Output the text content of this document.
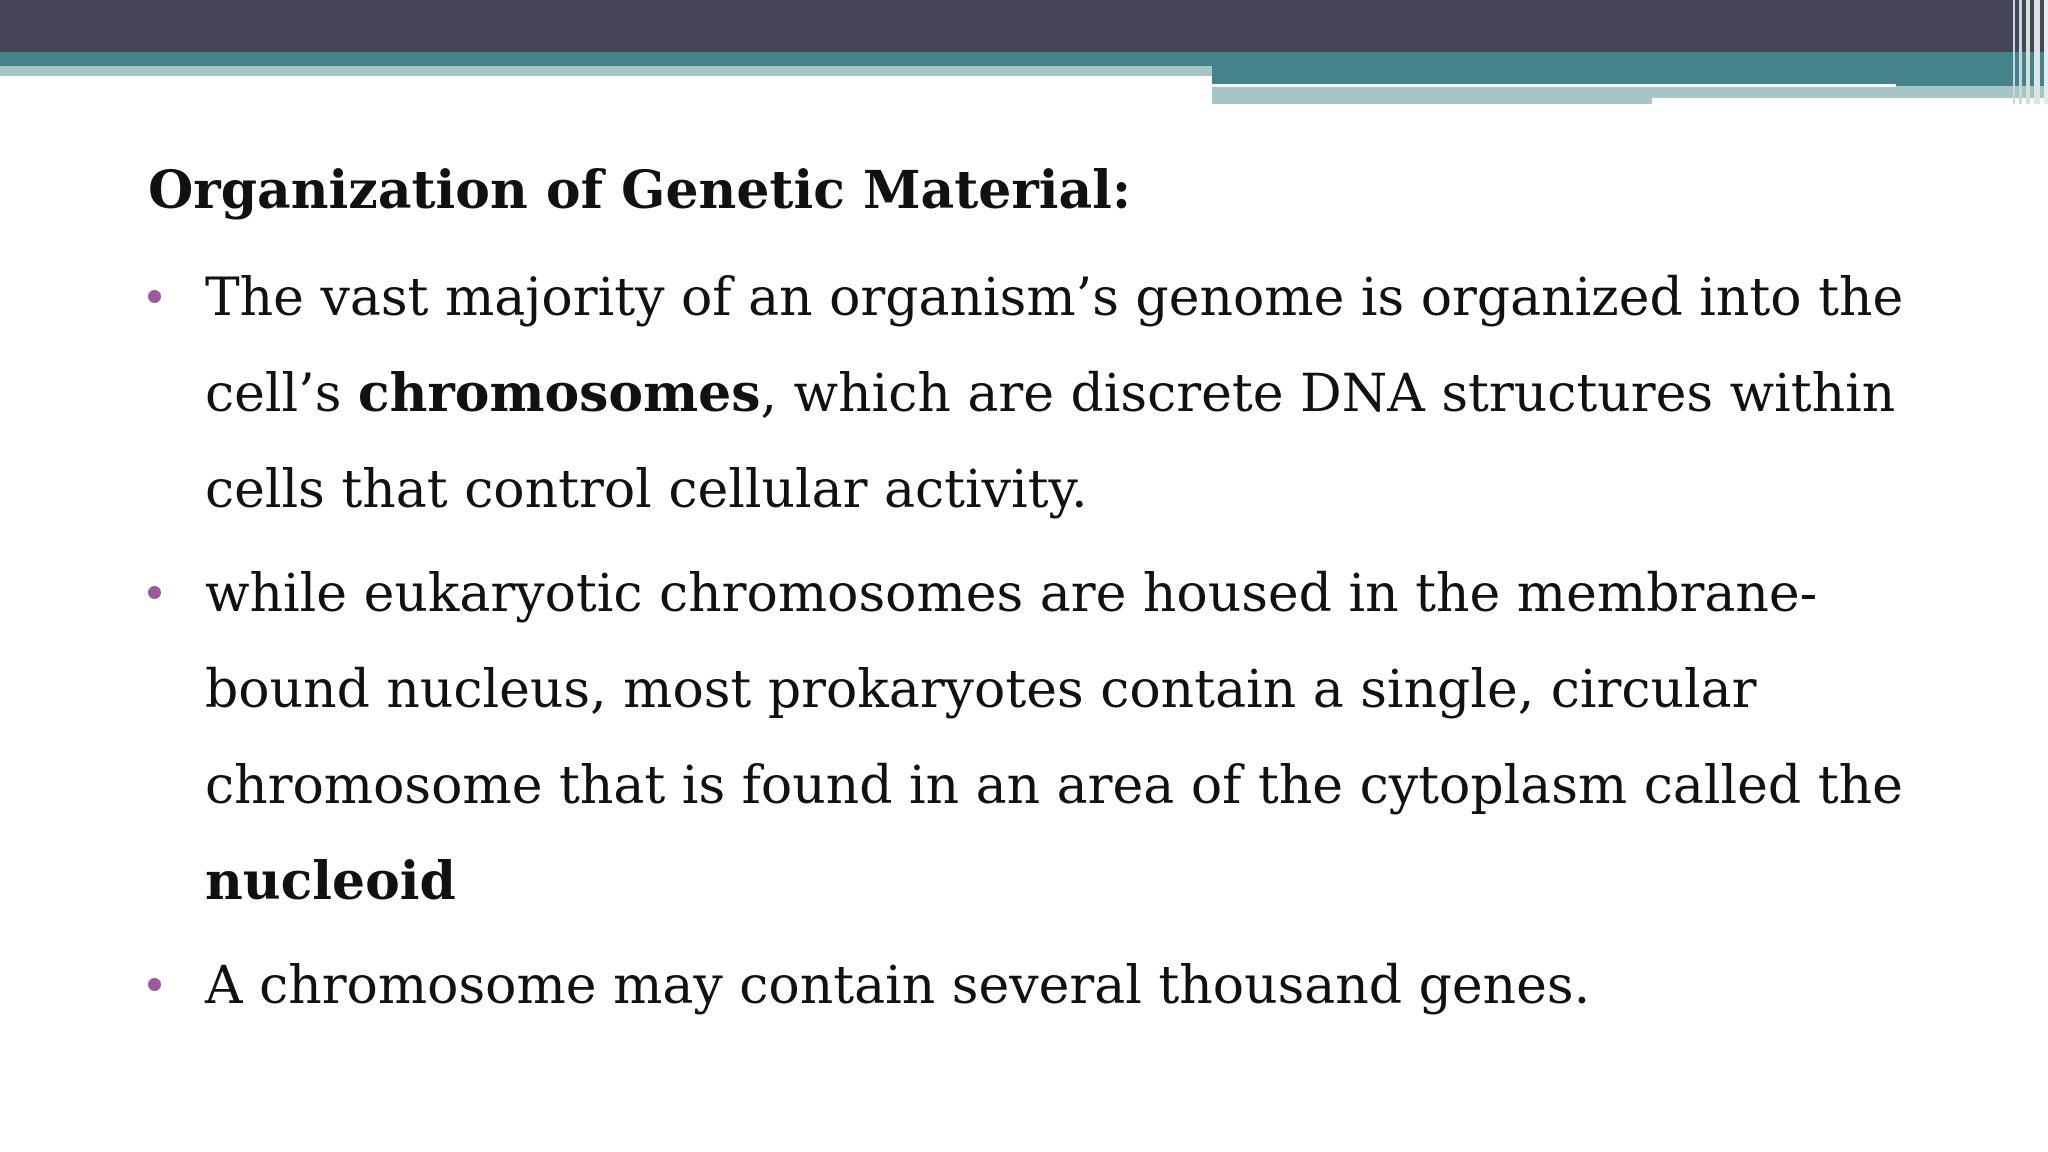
Organization of Genetic Material:
The vast majority of an organism’s genome is organized into the cell’s chromosomes, which are discrete DNA structures within cells that control cellular activity.
while eukaryotic chromosomes are housed in the membrane-bound nucleus, most prokaryotes contain a single, circular chromosome that is found in an area of the cytoplasm called the nucleoid
A chromosome may contain several thousand genes.
